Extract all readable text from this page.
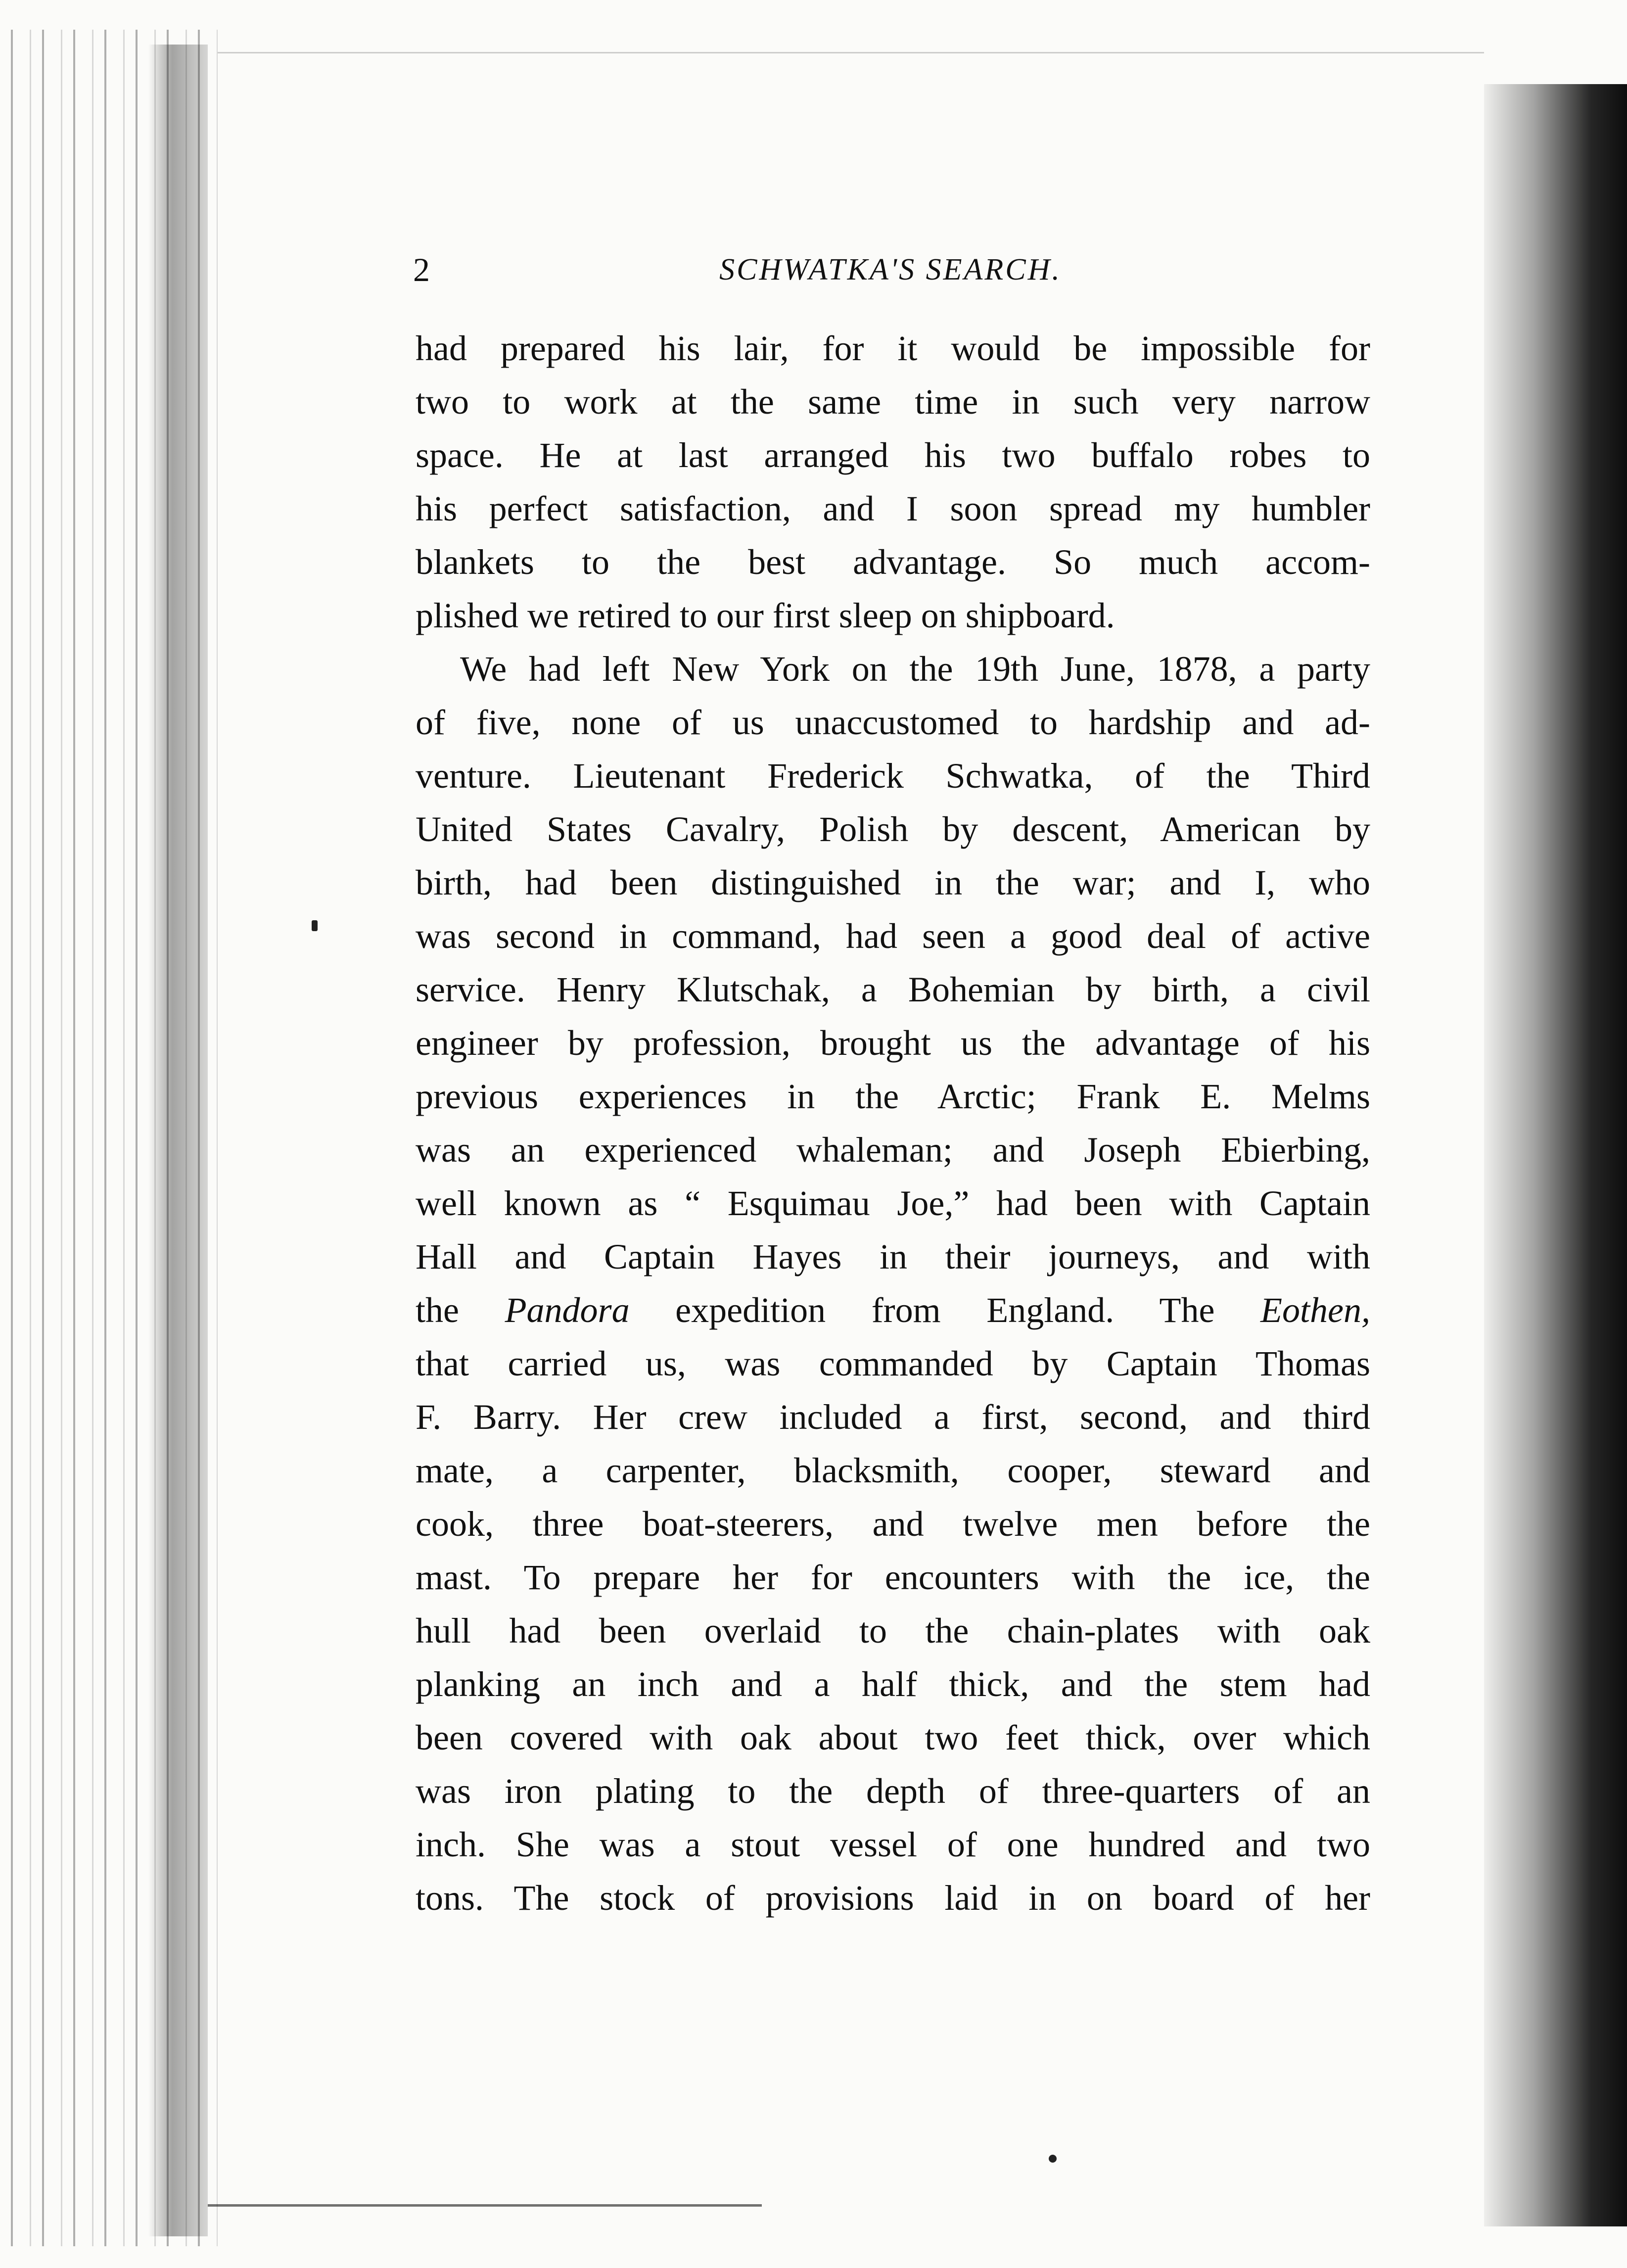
2	SCHWATKA'S SEARCH.
had prepared his lair, for it would be impossible for
two to work at the same time in such very narrow
space. He at last arranged his two buffalo robes to
his perfect satisfaction, and I soon spread my humbler
blankets to the best advantage. So much accom-
plished we retired to our first sleep on shipboard.
We had left New York on the 19th June, 1878, a party
of five, none of us unaccustomed to hardship and ad-
venture. Lieutenant Frederick Schwatka, of the Third
United States Cavalry, Polish by descent, American by
birth, had been distinguished in the war; and I, who
was second in command, had seen a good deal of active
service. Henry Klutschak, a Bohemian by birth, a civil
engineer by profession, brought us the advantage of his
previous experiences in the Arctic; Frank E. Melms
was an experienced whaleman; and Joseph Ebierbing,
well known as “ Esquimau Joe,” had been with Captain
Hall and Captain Hayes in their journeys, and with
the Pandora expedition from England. The Eothen,
that carried us, was commanded by Captain Thomas
F. Barry. Her crew included a first, second, and third
mate, a carpenter, blacksmith, cooper, steward and
cook, three boat-steerers, and twelve men before the
mast. To prepare her for encounters with the ice, the
hull had been overlaid to the chain-plates with oak
planking an inch and a half thick, and the stem had
been covered with oak about two feet thick, over which
was iron plating to the depth of three-quarters of an
inch. She was a stout vessel of one hundred and two
tons. The stock of provisions laid in on board of her
